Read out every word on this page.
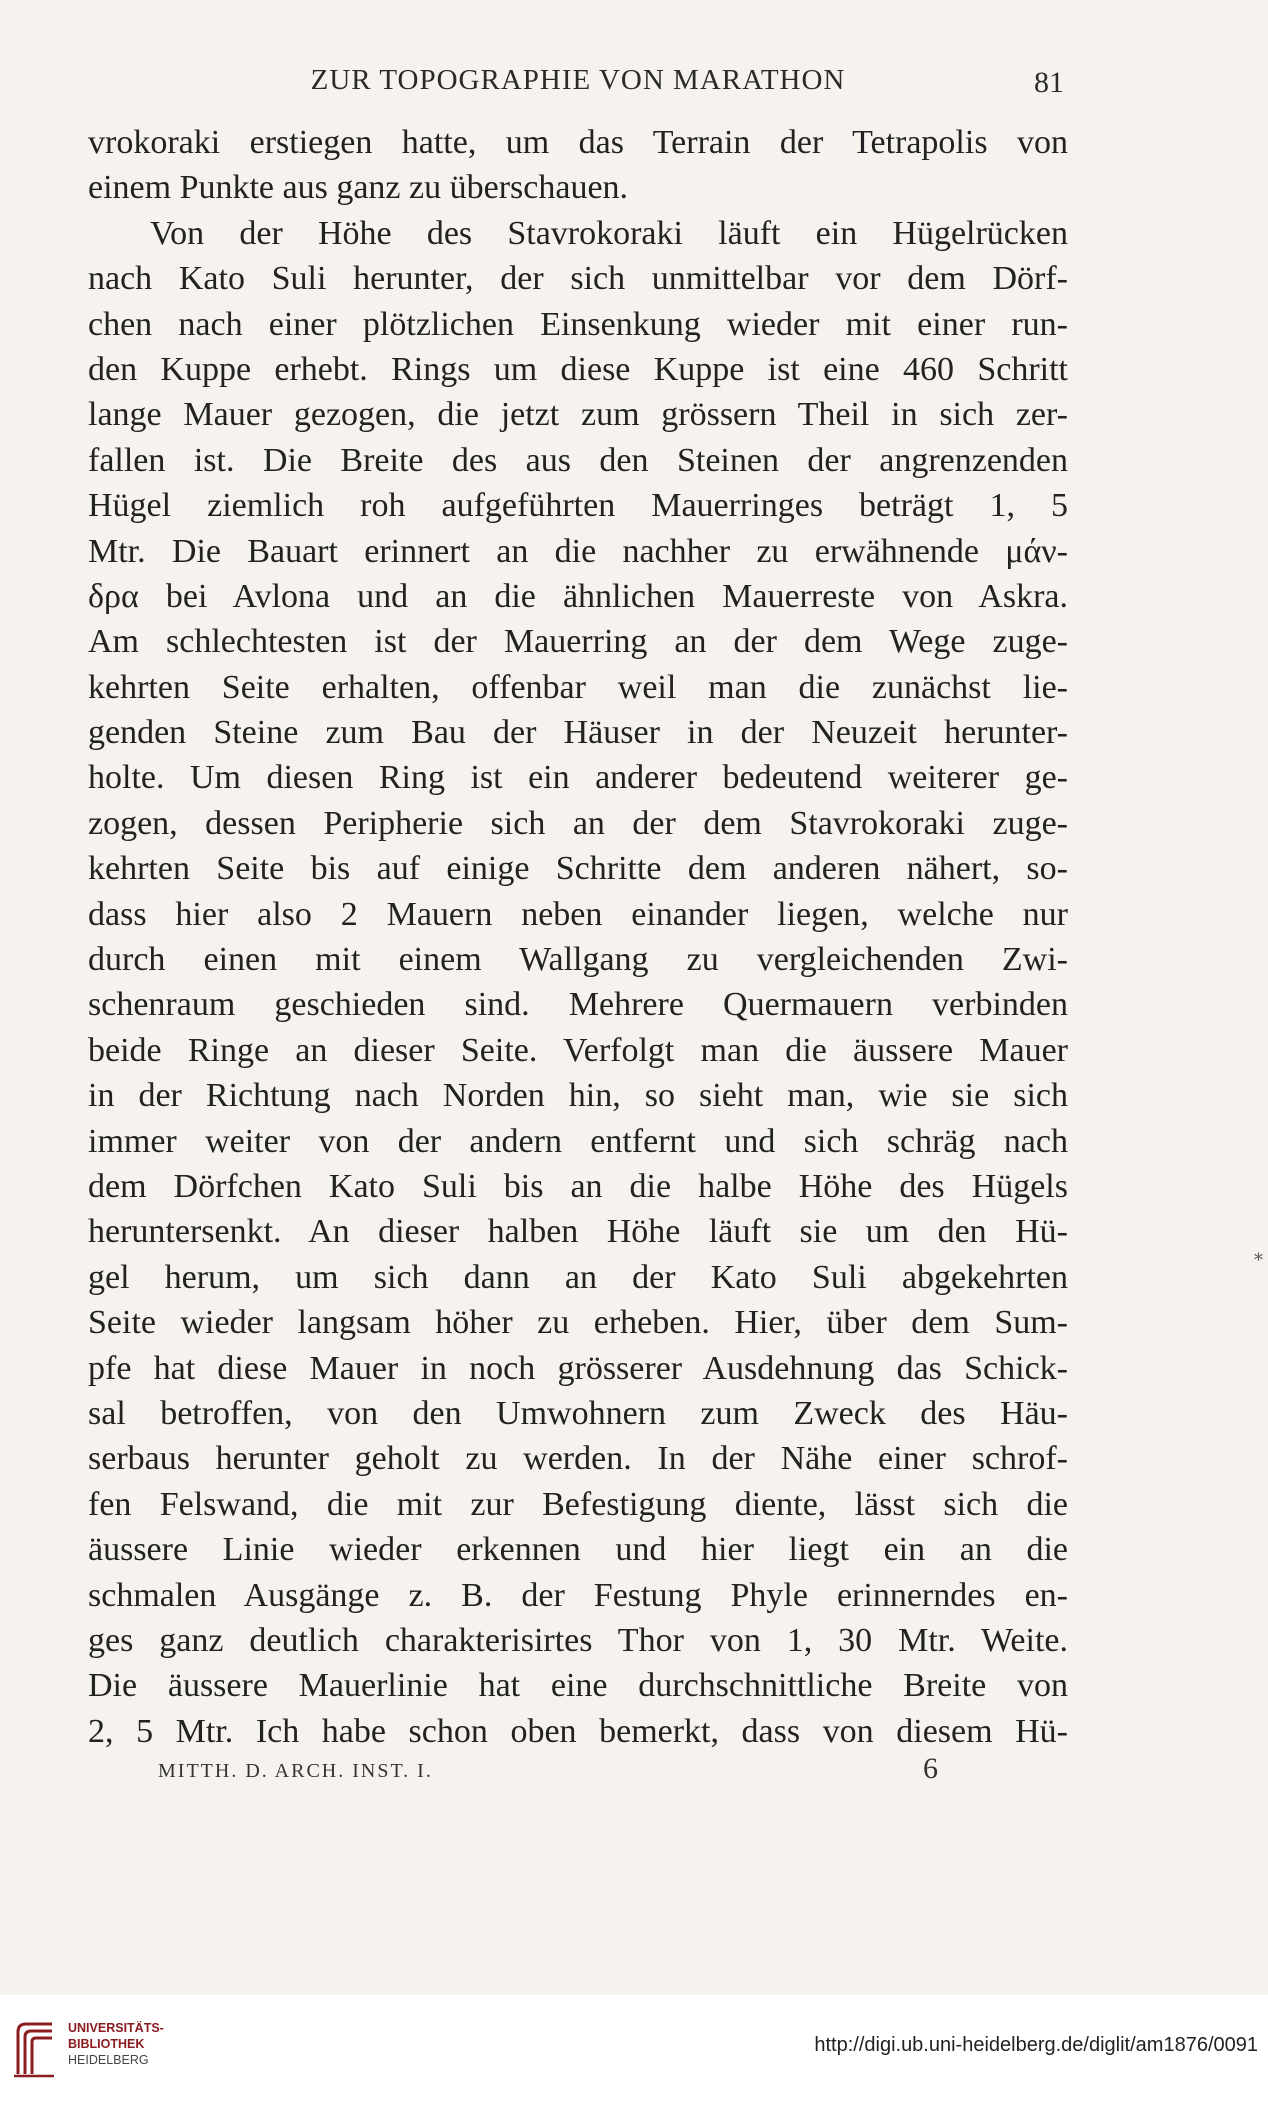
ZUR TOPOGRAPHIE VON MARATHON	81
vrokoraki erstiegen hatte, um das Terrain der Tetrapolis von
einem Punkte aus ganz zu überschauen.
Von der Höhe des Stavrokoraki läuft ein Hügelrücken
nach Kato Suli herunter, der sich unmittelbar vor dem Dörf-
chen nach einer plötzlichen Einsenkung wieder mit einer run-
den Kuppe erhebt. Rings um diese Kuppe ist eine 460 Schritt
lange Mauer gezogen, die jetzt zum grössern Theil in sich zer-
fallen ist. Die Breite des aus den Steinen der angrenzenden
Hügel ziemlich roh aufgeführten Mauerringes beträgt 1, 5
Mtr. Die Bauart erinnert an die nachher zu erwähnende μάν-
δρα bei Avlona und an die ähnlichen Mauerreste von Askra.
Am schlechtesten ist der Mauerring an der dem Wege zuge-
kehrten Seite erhalten, offenbar weil man die zunächst lie-
genden Steine zum Bau der Häuser in der Neuzeit herunter-
holte. Um diesen Ring ist ein anderer bedeutend weiterer ge-
zogen, dessen Peripherie sich an der dem Stavrokoraki zuge-
kehrten Seite bis auf einige Schritte dem anderen nähert, so-
dass hier also 2 Mauern neben einander liegen, welche nur
durch einen mit einem Wallgang zu vergleichenden Zwi-
schenraum geschieden sind. Mehrere Quermauern verbinden
beide Ringe an dieser Seite. Verfolgt man die äussere Mauer
in der Richtung nach Norden hin, so sieht man, wie sie sich
immer weiter von der andern entfernt und sich schräg nach
dem Dörfchen Kato Suli bis an die halbe Höhe des Hügels
heruntersenkt. An dieser halben Höhe läuft sie um den Hü-
gel herum, um sich dann an der Kato Suli abgekehrten
Seite wieder langsam höher zu erheben. Hier, über dem Sum-
pfe hat diese Mauer in noch grösserer Ausdehnung das Schick-
sal betroffen, von den Umwohnern zum Zweck des Häu-
serbaus herunter geholt zu werden. In der Nähe einer schrof-
fen Felswand, die mit zur Befestigung diente, lässt sich die
äussere Linie wieder erkennen und hier liegt ein an die
schmalen Ausgänge z. B. der Festung Phyle erinnerndes en-
ges ganz deutlich charakterisirtes Thor von 1, 30 Mtr. Weite.
Die äussere Mauerlinie hat eine durchschnittliche Breite von
2, 5 Mtr. Ich habe schon oben bemerkt, dass von diesem Hü-
MITTH. D. ARCH. INST. I.	6
*
UNIVERSITÄTS-
BIBLIOTHEK
HEIDELBERG
http://digi.ub.uni-heidelberg.de/diglit/am1876/0091
